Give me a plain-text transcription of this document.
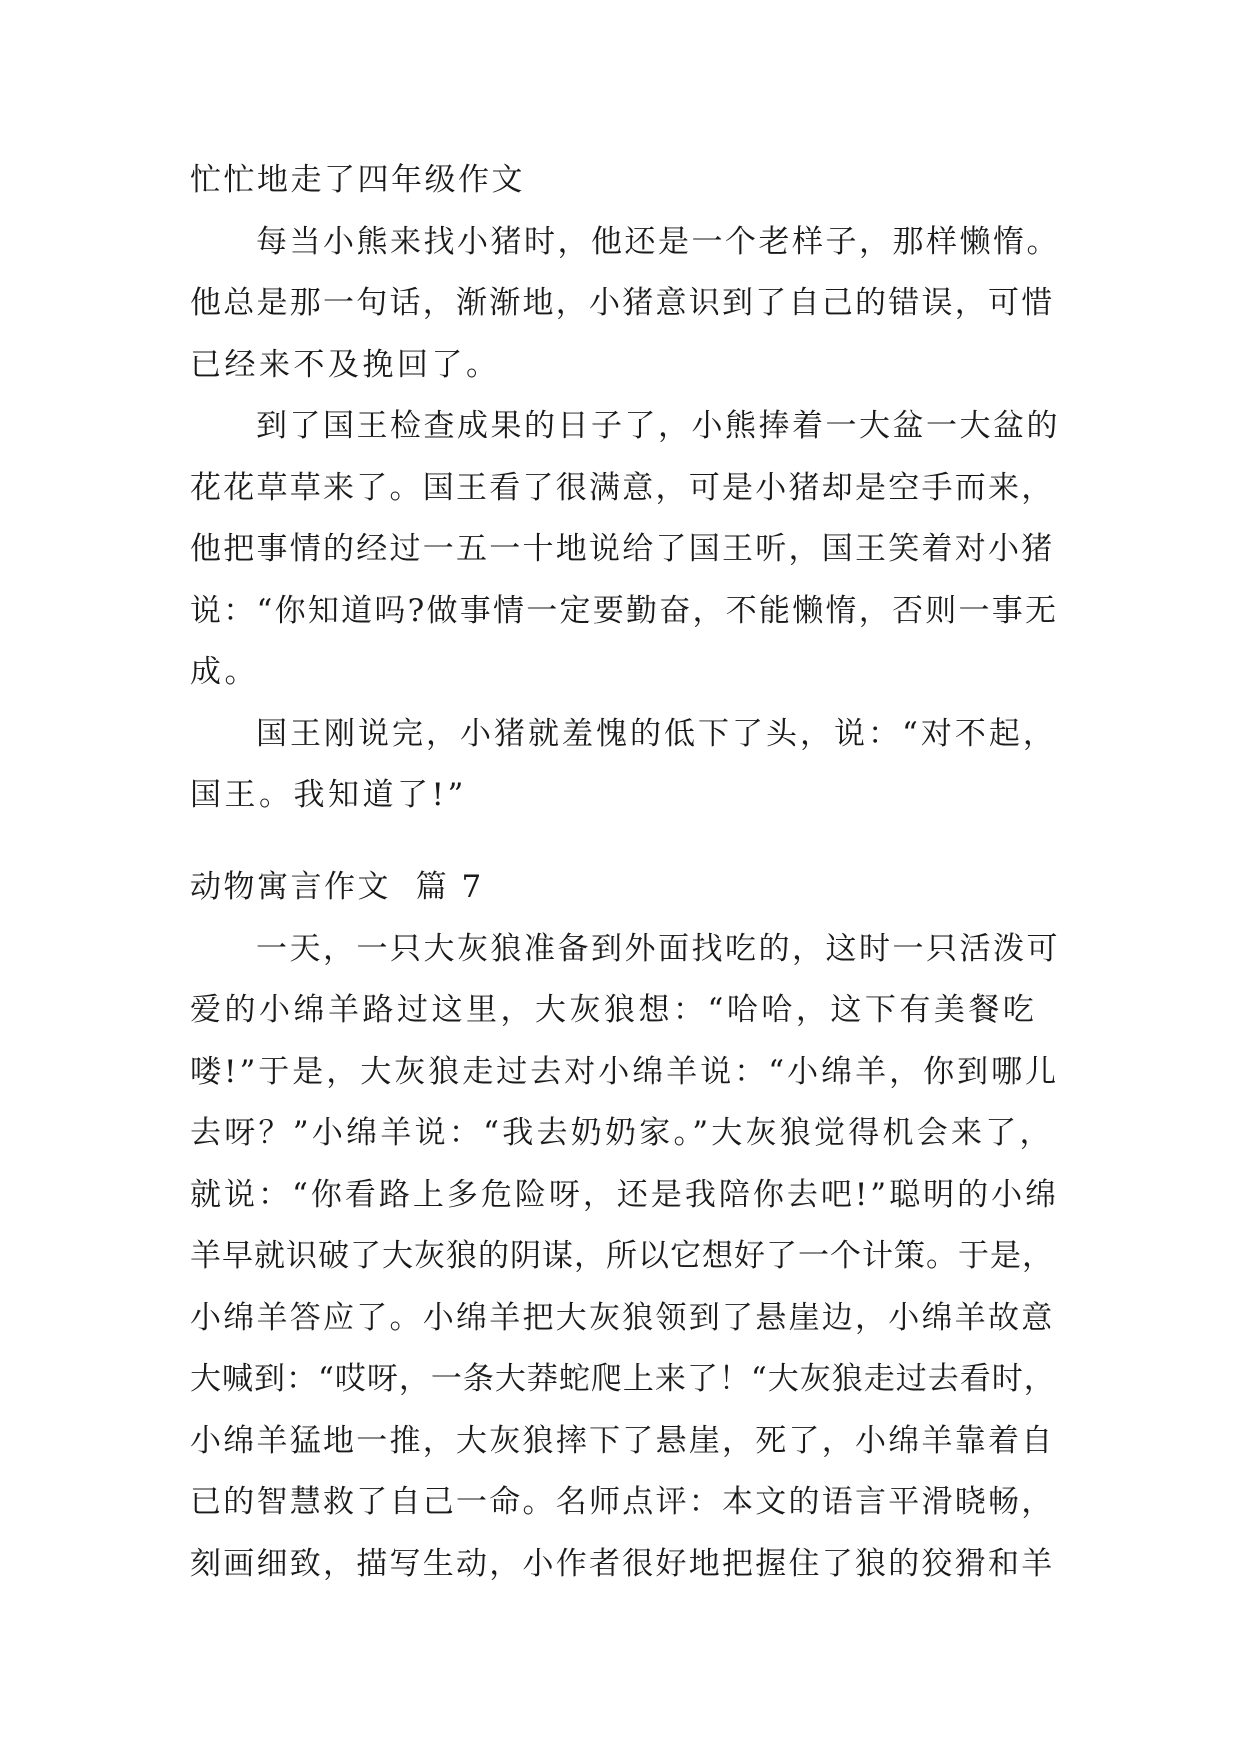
忙忙地走了四年级作文
每当小熊来找小猪时，他还是一个老样子，那样懒惰。
他总是那一句话，渐渐地，小猪意识到了自己的错误，可惜
已经来不及挽回了。
到了国王检查成果的日子了，小熊捧着一大盆一大盆的
花花草草来了。国王看了很满意，可是小猪却是空手而来，
他把事情的经过一五一十地说给了国王听，国王笑着对小猪
说：“你知道吗?做事情一定要勤奋，不能懒惰，否则一事无
成。
国王刚说完，小猪就羞愧的低下了头，说：“对不起，
国王。我知道了!”
动物寓言作文  篇 7
一天，一只大灰狼准备到外面找吃的，这时一只活泼可
爱的小绵羊路过这里，大灰狼想：“哈哈，这下有美餐吃
喽!”于是，大灰狼走过去对小绵羊说：“小绵羊，你到哪儿
去呀？”小绵羊说：“我去奶奶家。”大灰狼觉得机会来了，
就说：“你看路上多危险呀，还是我陪你去吧!”聪明的小绵
羊早就识破了大灰狼的阴谋，所以它想好了一个计策。于是，
小绵羊答应了。小绵羊把大灰狼领到了悬崖边，小绵羊故意
大喊到：“哎呀，一条大莽蛇爬上来了！“大灰狼走过去看时，
小绵羊猛地一推，大灰狼摔下了悬崖，死了，小绵羊靠着自
已的智慧救了自己一命。名师点评：本文的语言平滑晓畅，
刻画细致，描写生动，小作者很好地把握住了狼的狡猾和羊
